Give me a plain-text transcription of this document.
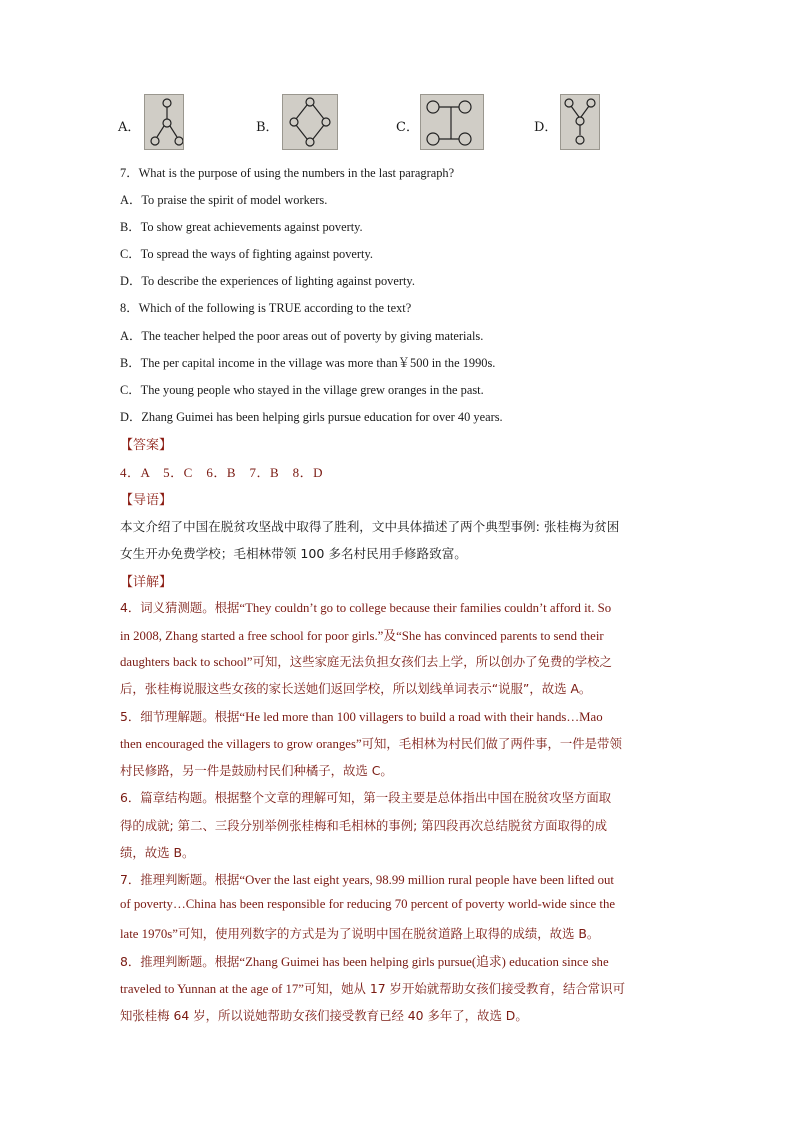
A．	B．	C．	D．
7．What is the purpose of using the numbers in the last paragraph?
A．To praise the spirit of model workers.
B．To show great achievements against poverty.
C．To spread the ways of fighting against poverty.
D．To describe the experiences of lighting against poverty.
8．Which of the following is TRUE according to the text?
A．The teacher helped the poor areas out of poverty by giving materials.
B．The per capital income in the village was more than￥500 in the 1990s.
C．The young people who stayed in the village grew oranges in the past.
D．Zhang Guimei has been helping girls pursue education for over 40 years.
【答案】
4．A　5．C　6．B　7．B　8．D
【导语】
本文介绍了中国在脱贫攻坚战中取得了胜利，文中具体描述了两个典型事例: 张桂梅为贫困
女生开办免费学校；毛相林带领 100 多名村民用手修路致富。
【详解】
4．词义猜测题。根据“They couldn’t go to college because their families couldn’t afford it. So
in 2008, Zhang started a free school for poor girls.”及“She has convinced parents to send their
daughters back to school”可知，这些家庭无法负担女孩们去上学，所以创办了免费的学校之
后，张桂梅说服这些女孩的家长送她们返回学校，所以划线单词表示“说服”，故选 A。
5．细节理解题。根据“He led more than 100 villagers to build a road with their hands…Mao
then encouraged the villagers to grow oranges”可知，毛相林为村民们做了两件事，一件是带领
村民修路，另一件是鼓励村民们种橘子，故选 C。
6．篇章结构题。根据整个文章的理解可知，第一段主要是总体指出中国在脱贫攻坚方面取
得的成就; 第二、三段分别举例张桂梅和毛相林的事例; 第四段再次总结脱贫方面取得的成
绩，故选 B。
7．推理判断题。根据“Over the last eight years, 98.99 million rural people have been lifted out
of poverty…China has been responsible for reducing 70 percent of poverty world-wide since the
late 1970s”可知，使用列数字的方式是为了说明中国在脱贫道路上取得的成绩，故选 B。
8．推理判断题。根据“Zhang Guimei has been helping girls pursue(追求) education since she
traveled to Yunnan at the age of 17”可知，她从 17 岁开始就帮助女孩们接受教育，结合常识可
知张桂梅 64 岁，所以说她帮助女孩们接受教育已经 40 多年了，故选 D。
